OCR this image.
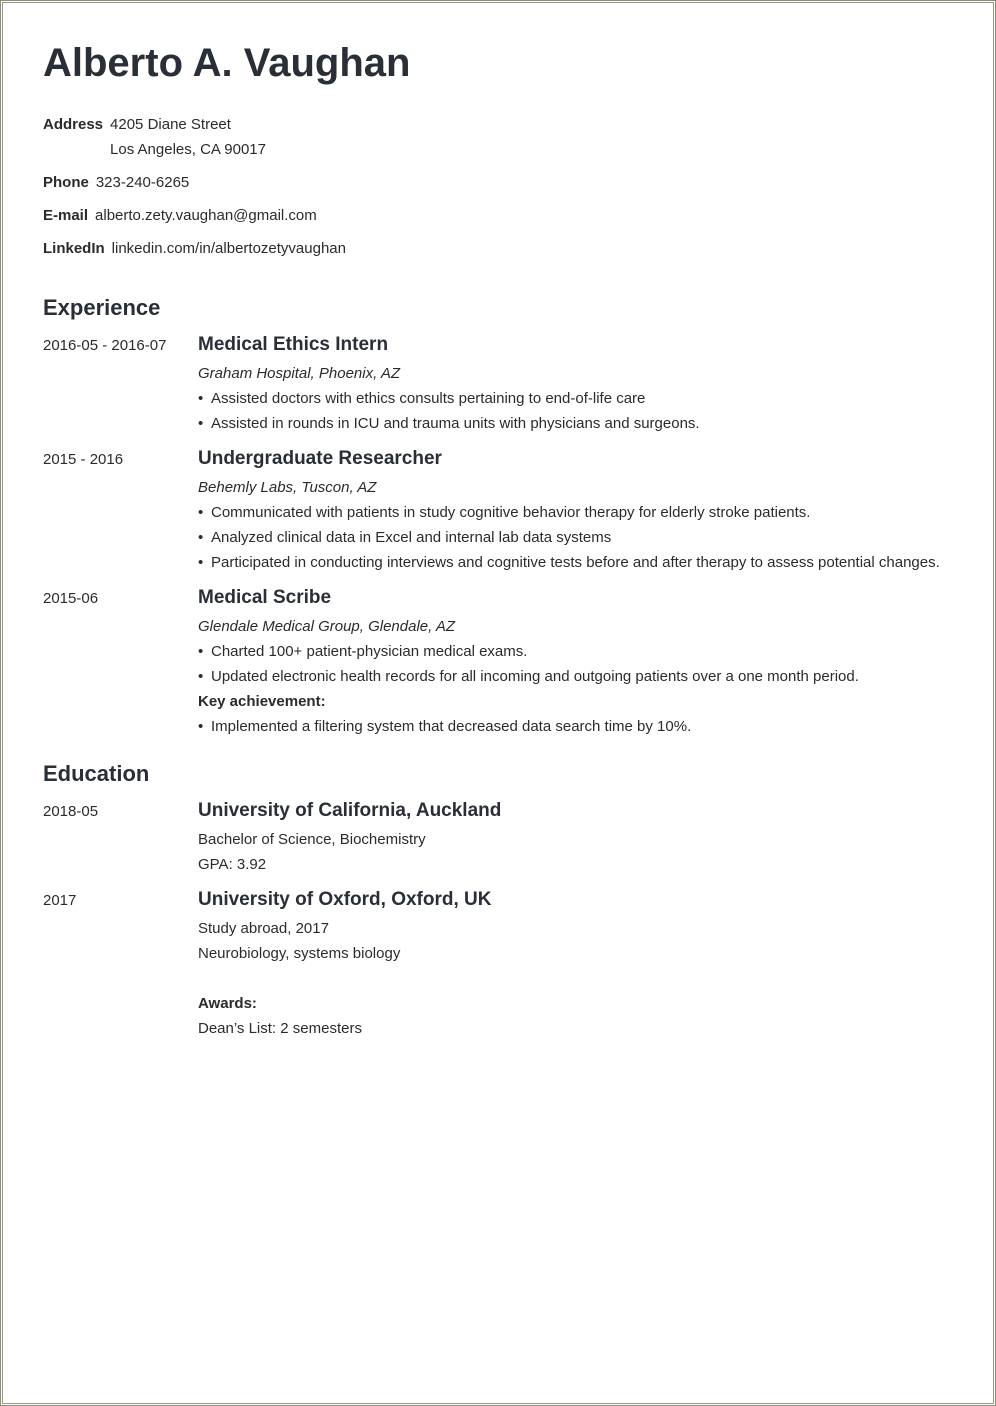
Alberto A. Vaughan
Address 4205 Diane Street
Los Angeles, CA 90017
Phone 323-240-6265
E-mail alberto.zety.vaughan@gmail.com
LinkedIn linkedin.com/in/albertozetyvaughan
Experience
2016-05 - 2016-07	Medical Ethics Intern
Graham Hospital, Phoenix, AZ
• Assisted doctors with ethics consults pertaining to end-of-life care
• Assisted in rounds in ICU and trauma units with physicians and surgeons.
2015 - 2016	Undergraduate Researcher
Behemly Labs, Tuscon, AZ
• Communicated with patients in study cognitive behavior therapy for elderly stroke patients.
• Analyzed clinical data in Excel and internal lab data systems
• Participated in conducting interviews and cognitive tests before and after therapy to assess potential changes.
2015-06	Medical Scribe
Glendale Medical Group, Glendale, AZ
• Charted 100+ patient-physician medical exams.
• Updated electronic health records for all incoming and outgoing patients over a one month period.
Key achievement:
• Implemented a filtering system that decreased data search time by 10%.
Education
2018-05	University of California, Auckland
Bachelor of Science, Biochemistry
GPA: 3.92
2017	University of Oxford, Oxford, UK
Study abroad, 2017
Neurobiology, systems biology
Awards:
Dean’s List: 2 semesters
